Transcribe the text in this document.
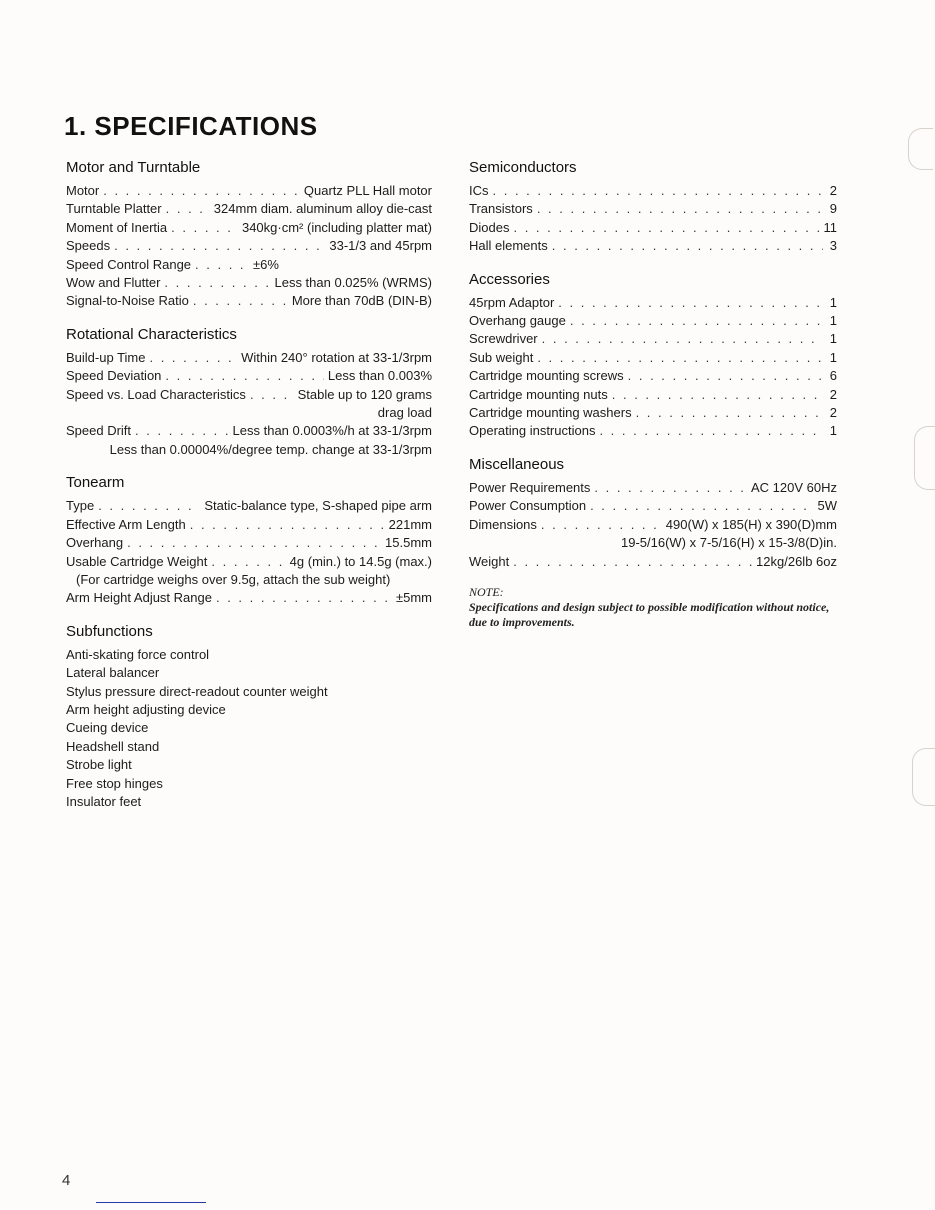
1. SPECIFICATIONS
Motor and Turntable
Motor . . .	Quartz PLL Hall motor
Turntable Platter . . .	324mm diam. aluminum alloy die-cast
Moment of Inertia . . .	340kg·cm² (including platter mat)
Speeds . . .	33-1/3 and 45rpm
Speed Control Range . . .	±6%
Wow and Flutter . . .	Less than 0.025% (WRMS)
Signal-to-Noise Ratio . . .	More than 70dB (DIN-B)
Rotational Characteristics
Build-up Time . . .	Within 240° rotation at 33-1/3rpm
Speed Deviation . . .	Less than 0.003%
Speed vs. Load Characteristics . . .	Stable up to 120 grams
drag load
Speed Drift . . .	Less than 0.0003%/h at 33-1/3rpm
Less than 0.00004%/degree temp. change at 33-1/3rpm
Tonearm
Type . . .	Static-balance type, S-shaped pipe arm
Effective Arm Length . . .	221mm
Overhang . . .	15.5mm
Usable Cartridge Weight . . .	4g (min.) to 14.5g (max.)
(For cartridge weighs over 9.5g, attach the sub weight)
Arm Height Adjust Range . . .	±5mm
Subfunctions
Anti-skating force control
Lateral balancer
Stylus pressure direct-readout counter weight
Arm height adjusting device
Cueing device
Headshell stand
Strobe light
Free stop hinges
Insulator feet
Semiconductors
ICs . . .	2
Transistors . . .	9
Diodes . . .	11
Hall elements . . .	3
Accessories
45rpm Adaptor . . .	1
Overhang gauge . . .	1
Screwdriver . . .	1
Sub weight . . .	1
Cartridge mounting screws . . .	6
Cartridge mounting nuts . . .	2
Cartridge mounting washers . . .	2
Operating instructions . . .	1
Miscellaneous
Power Requirements . . .	AC 120V 60Hz
Power Consumption . . .	5W
Dimensions . . .	490(W) x 185(H) x 390(D)mm
19-5/16(W) x 7-5/16(H) x 15-3/8(D)in.
Weight . . .	12kg/26lb 6oz
NOTE:
Specifications and design subject to possible modification without notice, due to improvements.
4
